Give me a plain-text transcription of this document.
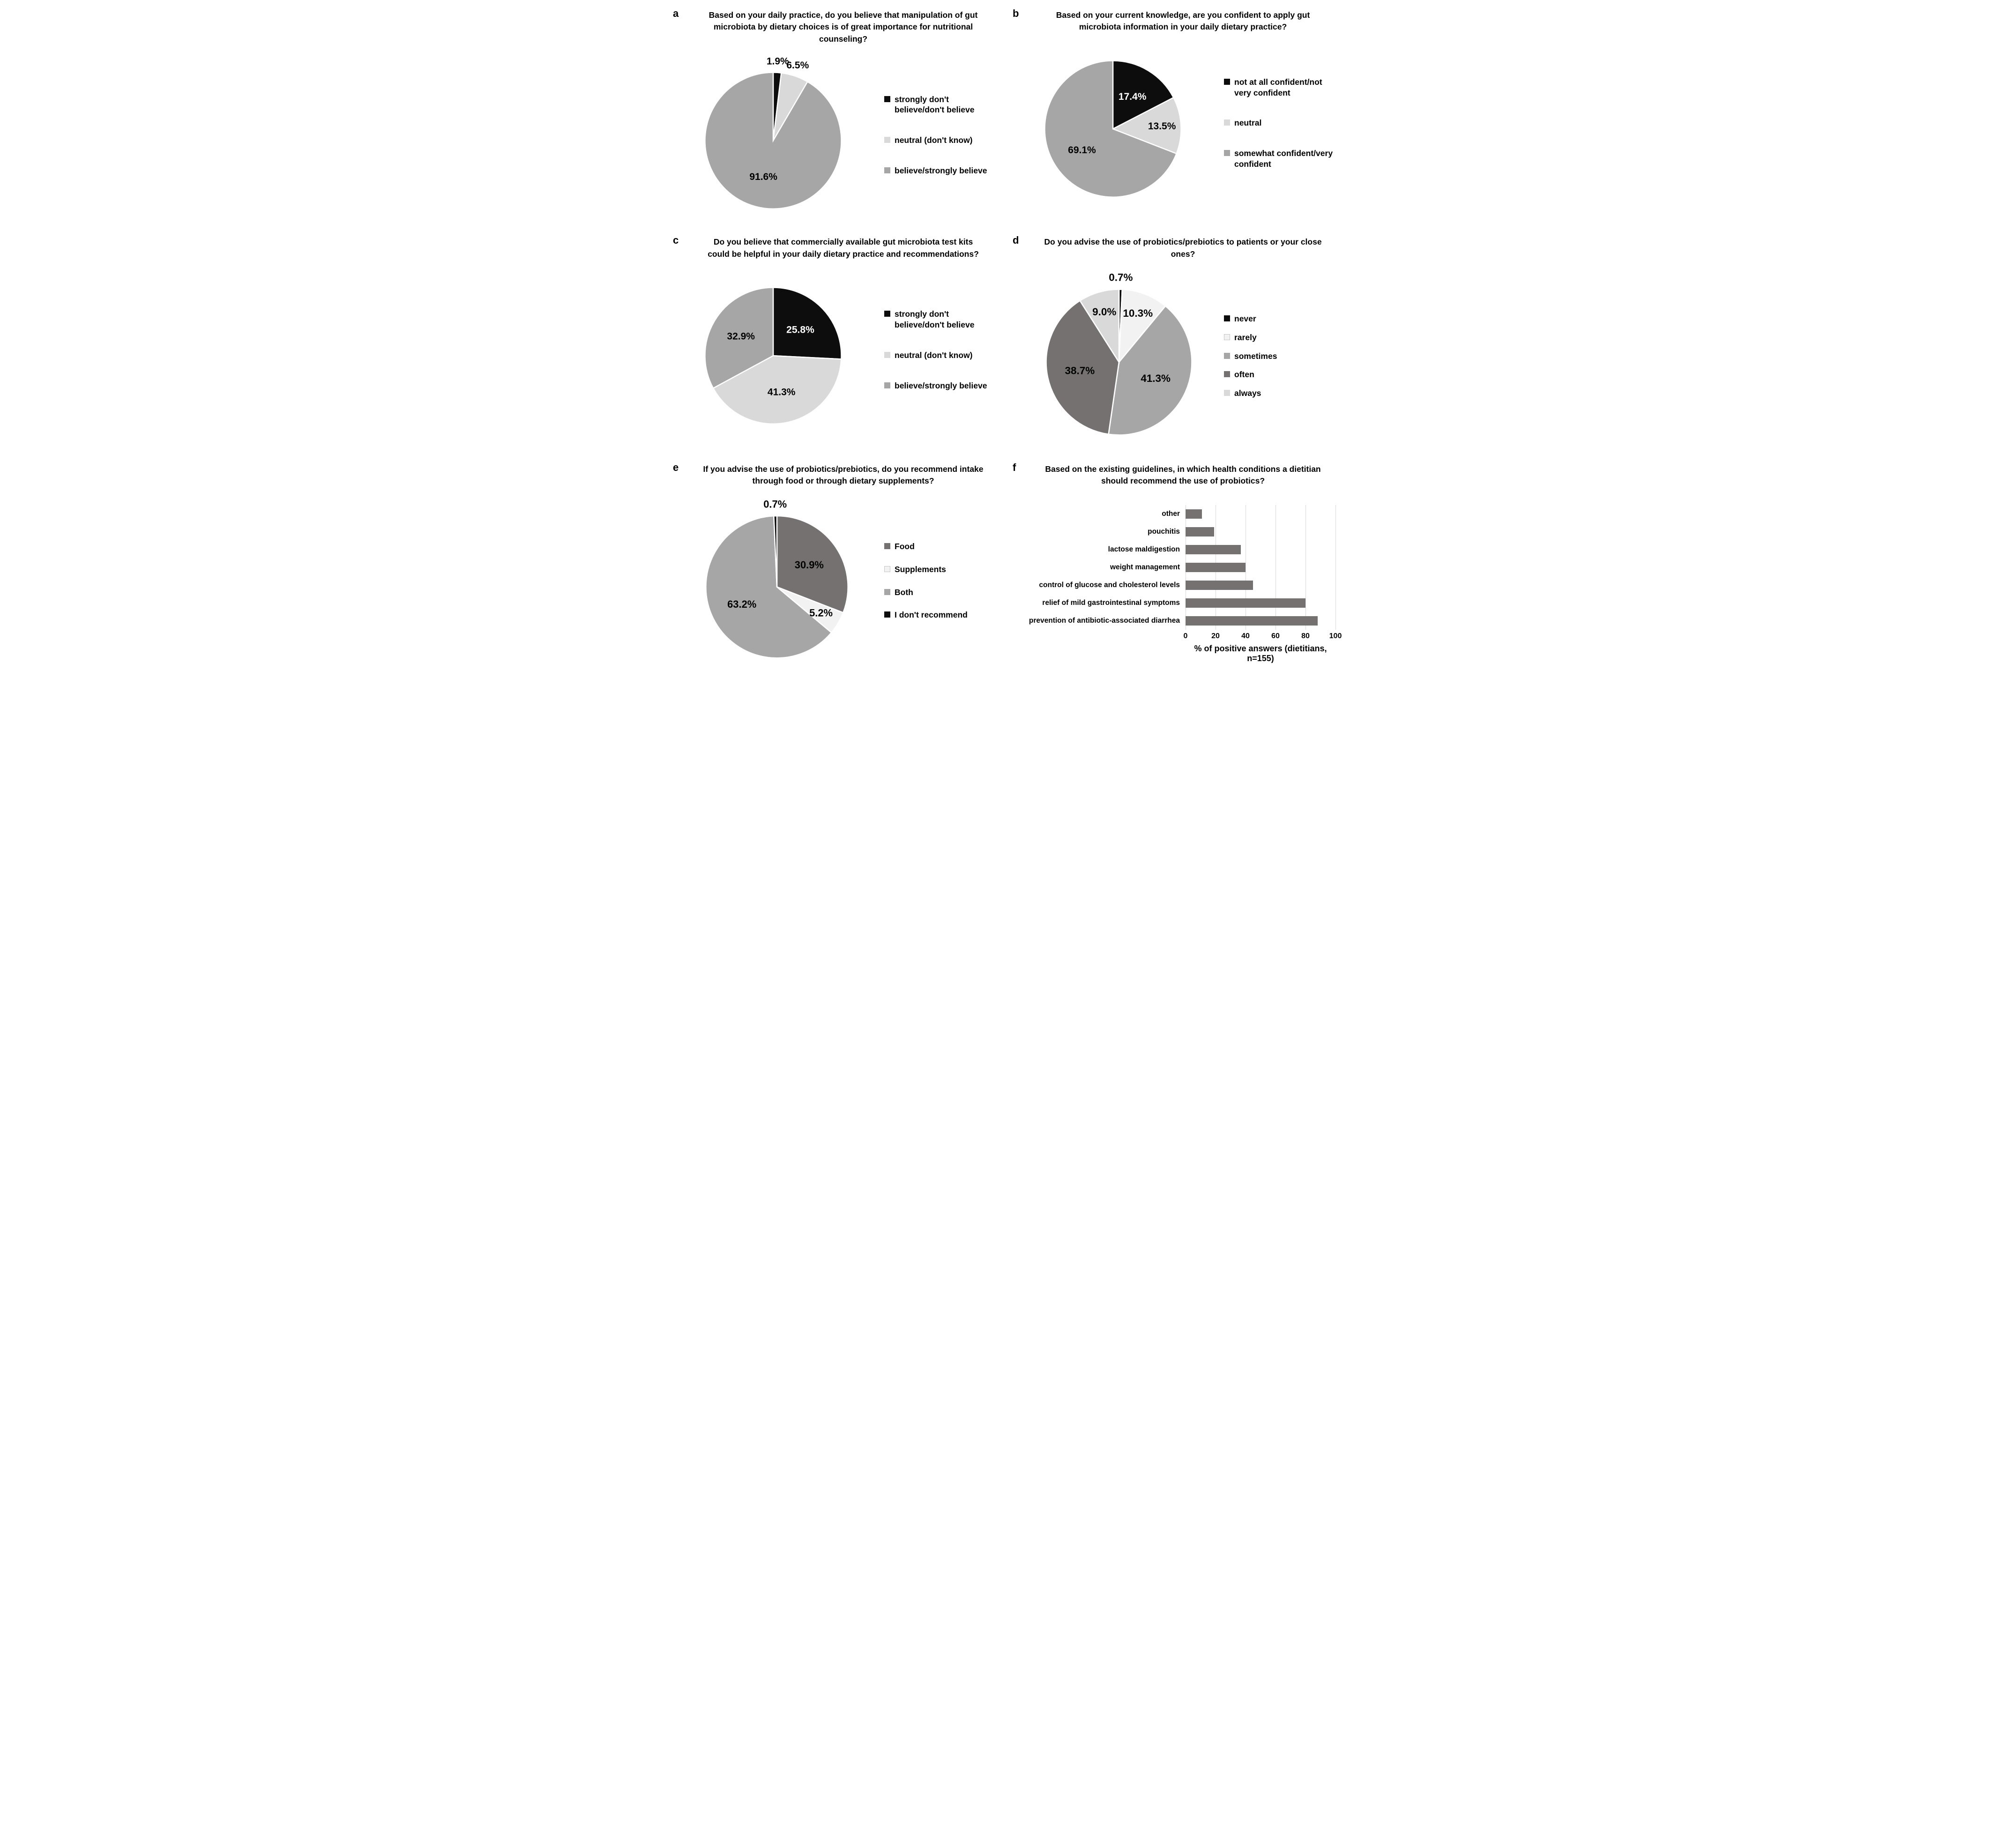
a	Based on your daily practice, do you believe that manipulation of gut microbiota by dietary choices is of great importance for nutritional counseling?
1.9%
6.5%
91.6%
strongly don't believe/don't believe
neutral (don't know)
believe/strongly believe
b	Based on your current knowledge, are you confident to apply gut microbiota information in your daily dietary practice?
17.4%
13.5%
69.1%
not at all confident/not very confident
neutral
somewhat confident/very confident
c	Do you believe that commercially available gut microbiota test kits could be helpful in your daily dietary practice and recommendations?
25.8%
41.3%
32.9%
strongly don't believe/don't believe
neutral (don't know)
believe/strongly believe
d	Do you advise the use of probiotics/prebiotics to patients or your close ones?
0.7%
10.3%
41.3%
38.7%
9.0%
never
rarely
sometimes
often
always
e	If you advise the use of probiotics/prebiotics, do you recommend intake through food or through dietary supplements?
30.9%
5.2%
63.2%
0.7%
Food
Supplements
Both
I don't recommend
f	Based on the existing guidelines, in which health conditions a dietitian should recommend the use of probiotics?
other
pouchitis
lactose maldigestion
weight management
control of glucose and cholesterol levels
relief of mild gastrointestinal symptoms
prevention of antibiotic-associated diarrhea
0	20	40	60	80	100
% of positive answers (dietitians, n=155)
